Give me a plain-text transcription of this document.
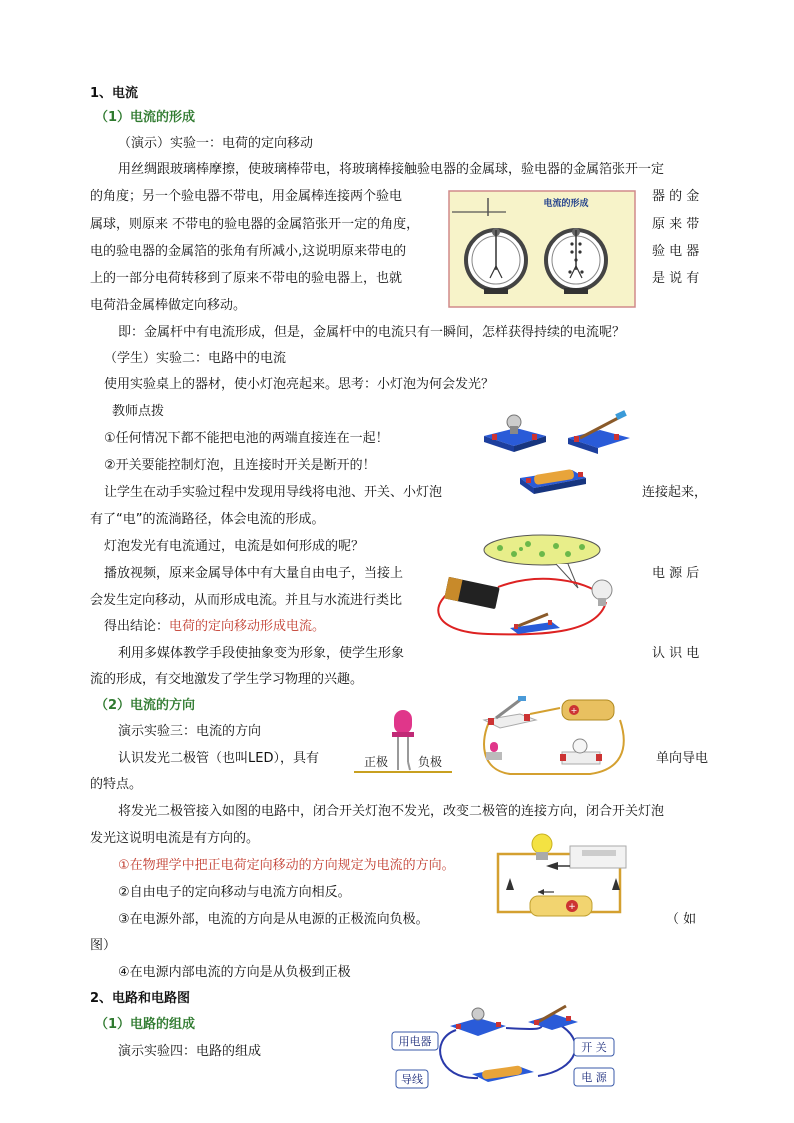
1、电流
（1）电流的形成
（演示）实验一：电荷的定向移动
用丝绸跟玻璃棒摩擦，使玻璃棒带电，将玻璃棒接触验电器的金属球，验电器的金属箔张开一定
的角度；另一个验电器不带电，用金属棒连接两个验电
属球，则原来 不带电的验电器的金属箔张开一定的角度，
电的验电器的金属箔的张角有所减小,这说明原来带电的
上的一部分电荷转移到了原来不带电的验电器上，也就
电荷沿金属棒做定向移动。
器 的 金
原 来 带
验 电 器
是 说 有
电流的形成
即：金属杆中有电流形成，但是，金属杆中的电流只有一瞬间，怎样获得持续的电流呢？
（学生）实验二：电路中的电流
使用实验桌上的器材，使小灯泡亮起来。思考：小灯泡为何会发光？
教师点拨
①任何情况下都不能把电池的两端直接连在一起！
②开关要能控制灯泡，且连接时开关是断开的！
让学生在动手实验过程中发现用导线将电池、开关、小灯泡	连接起来，
有了“电”的流淌路径，体会电流的形成。
灯泡发光有电流通过，电流是如何形成的呢？
播放视频，原来金属导体中有大量自由电子，当接上	电 源 后
会发生定向移动，从而形成电流。并且与水流进行类比
得出结论：电荷的定向移动形成电流。
利用多媒体教学手段使抽象变为形象，使学生形象	认 识 电
流的形成，有交地激发了学生学习物理的兴趣。
（2）电流的方向
演示实验三：电流的方向
认识发光二极管（也叫LED），具有	单向导电
的特点。
正极 负极
+
将发光二极管接入如图的电路中，闭合开关灯泡不发光，改变二极管的连接方向，闭合开关灯泡
发光这说明电流是有方向的。
①在物理学中把正电荷定向移动的方向规定为电流的方向。
②自由电子的定向移动与电流方向相反。
③在电源外部，电流的方向是从电源的正极流向负极。	（ 如
图）
④在电源内部电流的方向是从负极到正极
+
2、电路和电路图
（1）电路的组成
演示实验四：电路的组成
用电器	开 关
导线	电 源
